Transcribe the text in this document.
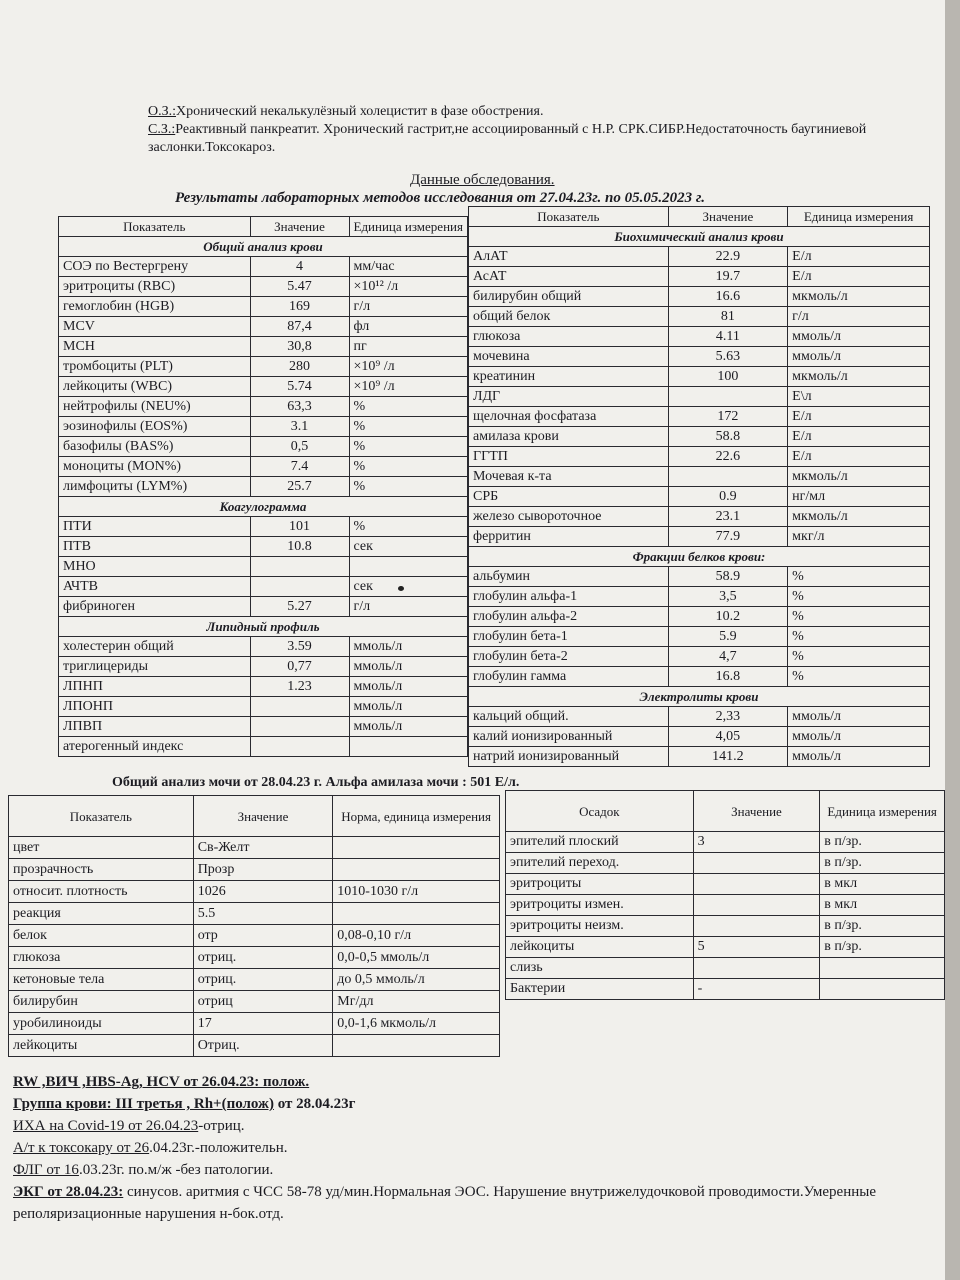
О.З.:Хронический некалькулёзный холецистит в фазе обострения.
С.З.:Реактивный панкреатит. Хронический гастрит,не ассоциированный с Н.Р. СРК.СИБР.Недостаточность баугиниевой заслонки.Токсокароз.
Данные обследования.
Результаты лабораторных методов исследования от 27.04.23г. по 05.05.2023 г.
Показатель	Значение	Единица измерения
Общий анализ крови		
СОЭ по Вестергрену	4	мм/час
эритроциты (RBC)	5.47	×10¹² /л
гемоглобин (HGB)	169	г/л
MCV	87,4	фл
MCH	30,8	пг
тромбоциты (PLT)	280	×10⁹ /л
лейкоциты (WBC)	5.74	×10⁹ /л
нейтрофилы (NEU%)	63,3	%
эозинофилы (EOS%)	3.1	%
базофилы (BAS%)	0,5	%
моноциты (MON%)	7.4	%
лимфоциты (LYM%)	25.7	%
Коагулограмма		
ПТИ	101	%
ПТВ	10.8	сек
МНО		
АЧТВ		сек
фибриноген	5.27	г/л
Липидный профиль		
холестерин общий	3.59	ммоль/л
триглицериды	0,77	ммоль/л
ЛПНП	1.23	ммоль/л
ЛПОНП		ммоль/л
ЛПВП		ммоль/л
атерогенный индекс		
Показатель	Значение	Единица измерения
Биохимический анализ крови		
АлАТ	22.9	Е/л
АсАТ	19.7	Е/л
билирубин общий	16.6	мкмоль/л
общий белок	81	г/л
глюкоза	4.11	ммоль/л
мочевина	5.63	ммоль/л
креатинин	100	мкмоль/л
ЛДГ		Е\л
щелочная фосфатаза	172	Е/л
амилаза крови	58.8	Е/л
ГГТП	22.6	Е/л
Мочевая к-та		мкмоль/л
СРБ	0.9	нг/мл
железо сывороточное	23.1	мкмоль/л
ферритин	77.9	мкг/л
Фракции белков крови:		
альбумин	58.9	%
глобулин альфа-1	3,5	%
глобулин альфа-2	10.2	%
глобулин бета-1	5.9	%
глобулин бета-2	4,7	%
глобулин гамма	16.8	%
Электролиты крови		
кальций общий.	2,33	ммоль/л
калий ионизированный	4,05	ммоль/л
натрий ионизированный	141.2	ммоль/л
Общий анализ мочи от 28.04.23 г. Альфа амилаза мочи : 501 Е/л.
Показатель	Значение	Норма, единица измерения
цвет	Св-Желт	
прозрачность	Прозр	
относит. плотность	1026	1010-1030 г/л
реакция	5.5	
белок	отр	0,08-0,10 г/л
глюкоза	отриц.	0,0-0,5 ммоль/л
кетоновые тела	отриц.	до 0,5 ммоль/л
билирубин	отриц	Мг/дл
уробилиноиды	17	0,0-1,6 мкмоль/л
лейкоциты	Отриц.	
Осадок	Значение	Единица измерения
эпителий плоский	3	в п/зр.
эпителий переход.		в п/зр.
эритроциты		в мкл
эритроциты измен.		в мкл
эритроциты неизм.		в п/зр.
лейкоциты	5	в п/зр.
слизь		
Бактерии	-	
RW ,ВИЧ ,HBS-Ag, HCV от 26.04.23: полож.
Группа крови: III третья , Rh+(полож) от 28.04.23г
ИХА на Covid-19 от 26.04.23-отриц.
А/т к токсокару от 26.04.23г.-положительн.
ФЛГ от 16.03.23г. по.м/ж -без патологии.
ЭКГ от 28.04.23: синусов. аритмия с ЧСС 58-78 уд/мин.Нормальная ЭОС. Нарушение внутрижелудочковой проводимости.Умеренные реполяризационные нарушения н-бок.отд.
